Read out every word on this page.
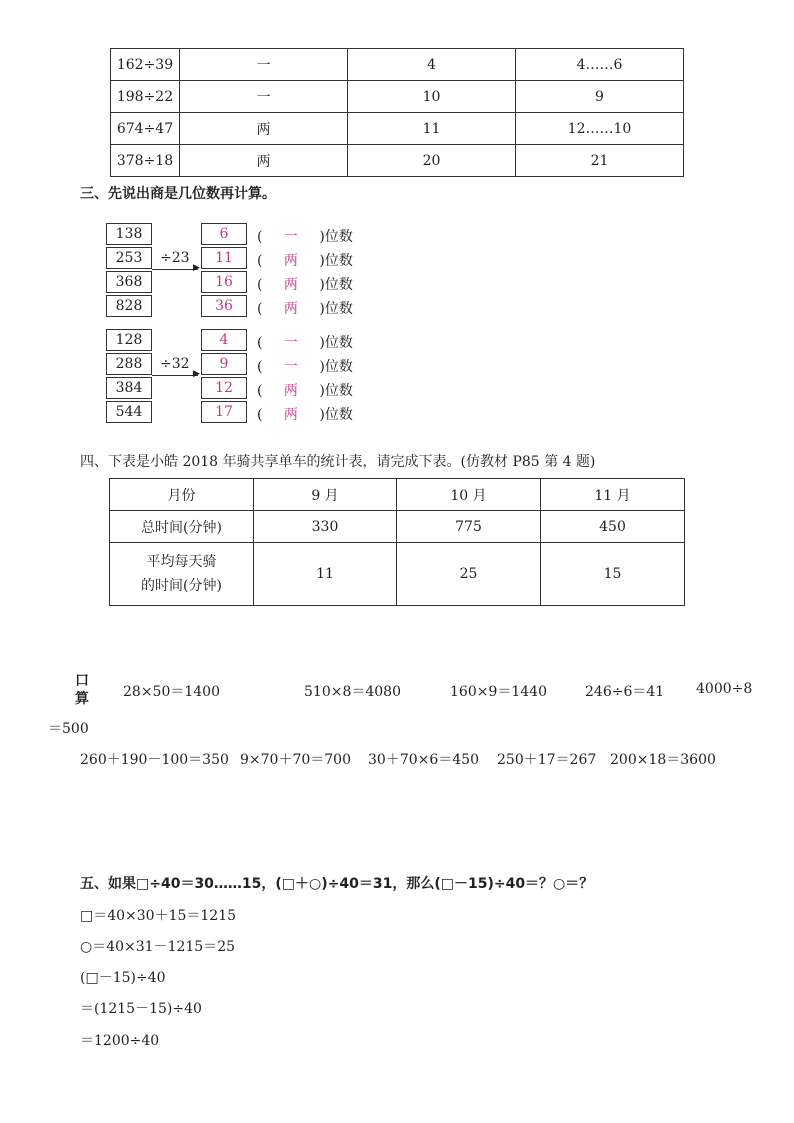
162÷39	一	4	4……6
198÷22	一	10	9
674÷47	两	11	12……10
378÷18	两	20	21
三、先说出商是几位数再计算。
138
253
368
828
÷23
▶
6
11
16
36
( 一 )位数
( 两 )位数
( 两 )位数
( 两 )位数
128
288
384
544
÷32
▶
4
9
12
17
( 一 )位数
( 一 )位数
( 两 )位数
( 两 )位数
四、下表是小皓 2018 年骑共享单车的统计表，请完成下表。(仿教材 P85 第 4 题)
月份	9 月	10 月	11 月
总时间(分钟)	330	775	450

平均每天骑
的时间(分钟)	11	25	15
口
算 28×50＝1400	510×8＝4080	160×9＝1440	246÷6＝41 4000÷8
＝500
260＋190－100＝350 9×70＋70＝700 30＋70×6＝450 250＋17＝267 200×18＝3600
五、如果□÷40＝30……15，(□＋○)÷40＝31，那么(□－15)÷40＝？○＝？
□＝40×30＋15＝1215
○＝40×31－1215＝25
(□－15)÷40
＝(1215－15)÷40
＝1200÷40
